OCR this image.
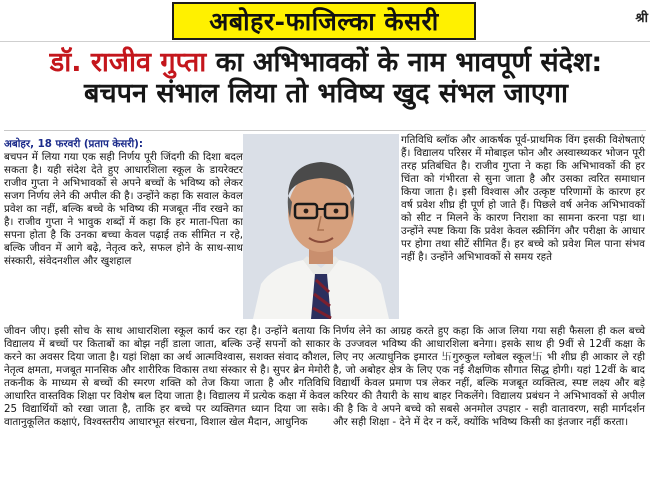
अबोहर-फाजिल्का केसरी	श्री
डॉ. राजीव गुप्ता का अभिभावकों के नाम भावपूर्ण संदेश:
बचपन संभाल लिया तो भविष्य खुद संभल जाएगा

अबोहर, 18 फरवरी (प्रताप केसरी):

बचपन में लिया गया एक सही निर्णय पूरी जिंदगी की दिशा बदल सकता है। यही संदेश देते हुए आधारशिला स्कूल के डायरेक्टर राजीव गुप्ता ने अभिभावकों से अपने बच्चों के भविष्य को लेकर सजग निर्णय लेने की अपील की है। उन्होंने कहा कि सवाल केवल प्रवेश का नहीं, बल्कि बच्चे के भविष्य की मजबूत नींव रखने का है। राजीव गुप्ता ने भावुक शब्दों में कहा कि हर माता-पिता का सपना होता है कि उनका बच्चा केवल पढ़ाई तक सीमित न रहे, बल्कि जीवन में आगे बढ़े, नेतृत्व करे, सफल होने के साथ-साथ संस्कारी, संवेदनशील और खुशहाल

गतिविधि ब्लॉक और आकर्षक पूर्व-प्राथमिक विंग इसकी विशेषताएं हैं। विद्यालय परिसर में मोबाइल फोन और अस्वास्थ्यकर भोजन पूरी तरह प्रतिबंधित है। राजीव गुप्ता ने कहा कि अभिभावकों की हर चिंता को गंभीरता से सुना जाता है और उसका त्वरित समाधान किया जाता है। इसी विश्वास और उत्कृष्ट परिणामों के कारण हर वर्ष प्रवेश शीघ्र ही पूर्ण हो जाते हैं। पिछले वर्ष अनेक अभिभावकों को सीट न मिलने के कारण निराशा का सामना करना पड़ा था। उन्होंने स्पष्ट किया कि प्रवेश केवल स्क्रीनिंग और परीक्षा के आधार पर होगा तथा सीटें सीमित हैं। हर बच्चे को प्रवेश मिल पाना संभव नहीं है। उन्होंने अभिभावकों से समय रहते

जीवन जीए। इसी सोच के साथ आधारशिला स्कूल कार्य कर रहा है। उन्होंने बताया कि विद्यालय में बच्चों पर किताबों का बोझ नहीं डाला जाता, बल्कि उन्हें सपनों को साकार करने का अवसर दिया जाता है। यहां शिक्षा का अर्थ आत्मविश्वास, सशक्त संवाद कौशल, नेतृत्व क्षमता, मजबूत मानसिक और शारीरिक विकास तथा संस्कार से है। सुपर ब्रेन मेमोरी तकनीक के माध्यम से बच्चों की स्मरण शक्ति को तेज किया जाता है और गतिविधि आधारित वास्तविक शिक्षा पर विशेष बल दिया जाता है। विद्यालय में प्रत्येक कक्षा में केवल 25 विद्यार्थियों को रखा जाता है, ताकि हर बच्चे पर व्यक्तिगत ध्यान दिया जा सके। वातानुकूलित कक्षाएं, विश्वस्तरीय आधारभूत संरचना, विशाल खेल मैदान, आधुनिक

निर्णय लेने का आग्रह करते हुए कहा कि आज लिया गया सही फैसला ही कल बच्चे के उज्जवल भविष्य की आधारशिला बनेगा। इसके साथ ही 9वीं से 12वीं कक्षा के लिए नए अत्याधुनिक इमारत 卐गुरुकुल ग्लोबल स्कूल卐 भी शीघ्र ही आकार ले रही है, जो अबोहर क्षेत्र के लिए एक नई शैक्षणिक सौगात सिद्ध होगी। यहां 12वीं के बाद विद्यार्थी केवल प्रमाण पत्र लेकर नहीं, बल्कि मजबूत व्यक्तित्व, स्पष्ट लक्ष्य और बड़े करियर की तैयारी के साथ बाहर निकलेंगे। विद्यालय प्रबंधन ने अभिभावकों से अपील की है कि वे अपने बच्चे को सबसे अनमोल उपहार - सही वातावरण, सही मार्गदर्शन और सही शिक्षा - देने में देर न करें, क्योंकि भविष्य किसी का इंतजार नहीं करता।
